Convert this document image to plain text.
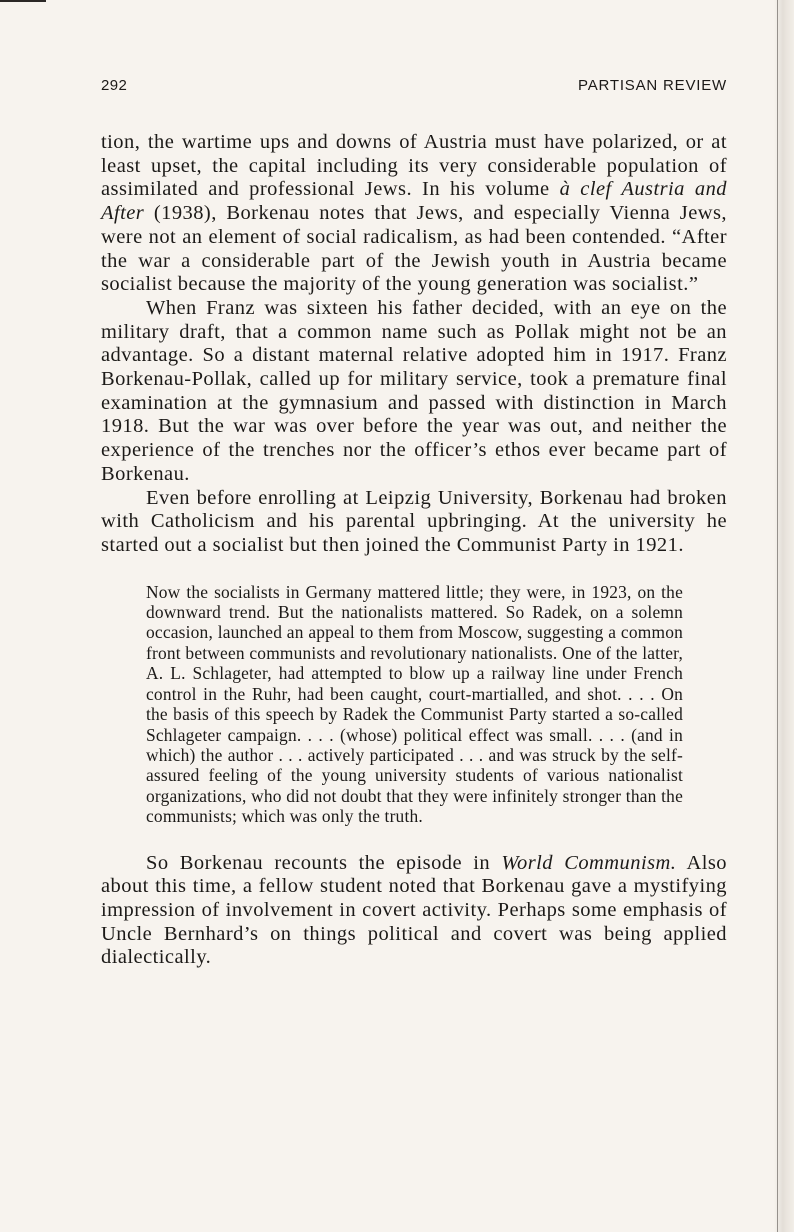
292	PARTISAN REVIEW

tion, the wartime ups and downs of Austria must have polarized, or at least upset, the capital including its very considerable population of assimilated and professional Jews. In his volume à clef Austria and After (1938), Borkenau notes that Jews, and especially Vienna Jews, were not an element of social radicalism, as had been contended. “After the war a considerable part of the Jewish youth in Austria became socialist because the majority of the young generation was socialist.”

When Franz was sixteen his father decided, with an eye on the military draft, that a common name such as Pollak might not be an advantage. So a distant maternal relative adopted him in 1917. Franz Borkenau-Pollak, called up for military service, took a premature final examination at the gymnasium and passed with distinction in March 1918. But the war was over before the year was out, and neither the experience of the trenches nor the officer’s ethos ever became part of Borkenau.

Even before enrolling at Leipzig University, Borkenau had broken with Catholicism and his parental upbringing. At the university he started out a socialist but then joined the Communist Party in 1921.

Now the socialists in Germany mattered little; they were, in 1923, on the downward trend. But the nationalists mattered. So Radek, on a solemn occasion, launched an appeal to them from Moscow, suggesting a common front between communists and revolutionary nationalists. One of the latter, A. L. Schlageter, had attempted to blow up a railway line under French control in the Ruhr, had been caught, court-martialled, and shot. . . . On the basis of this speech by Radek the Communist Party started a so-called Schlageter campaign. . . . (whose) political effect was small. . . . (and in which) the author . . . actively participated . . . and was struck by the self-assured feeling of the young university students of various nationalist organizations, who did not doubt that they were infinitely stronger than the communists; which was only the truth.

So Borkenau recounts the episode in World Communism. Also about this time, a fellow student noted that Borkenau gave a mystifying impression of involvement in covert activity. Perhaps some emphasis of Uncle Bernhard’s on things political and covert was being applied dialectically.
